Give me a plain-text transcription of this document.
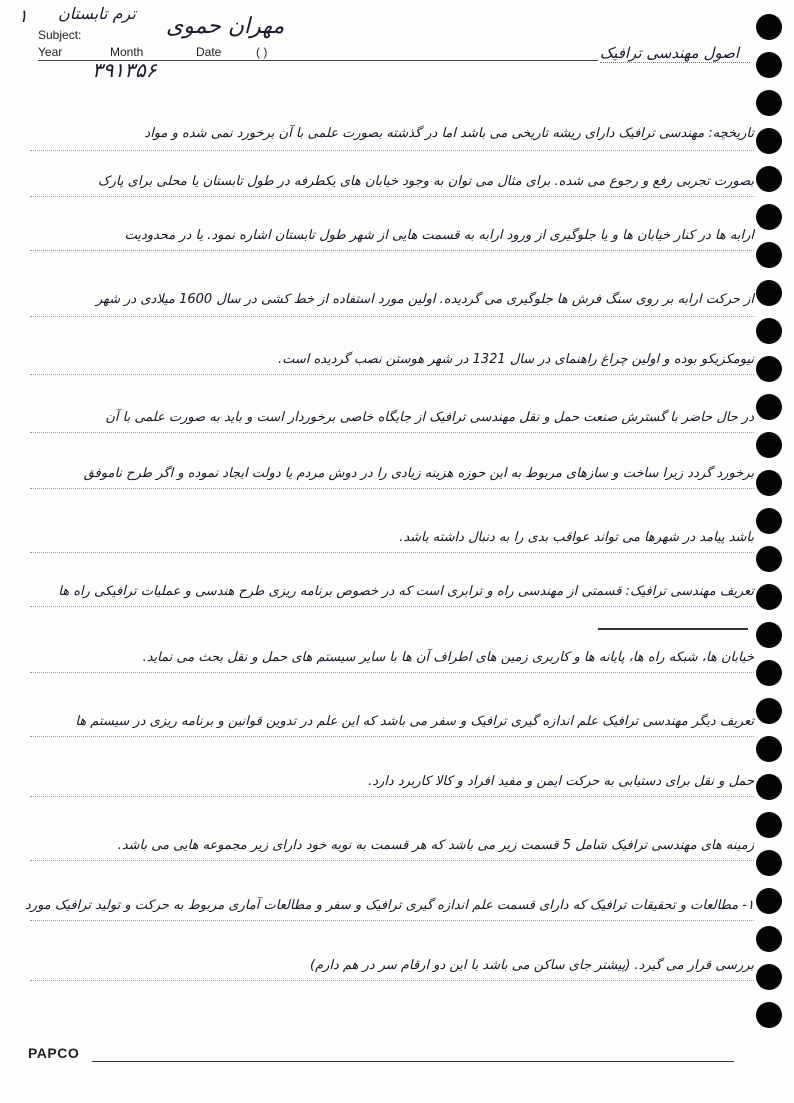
Subject:
Year	Month	Date	( )
ترم تابستان
۱	مهران حموی
۳۹۱۳۵۶
اصول مهندسی ترافیک
تاریخچه: مهندسی ترافیک دارای ریشه تاریخی می باشد اما در گذشته بصورت علمی با آن برخورد نمی شده و مواد
بصورت تجربی رفع و رجوع می شده. برای مثال می توان به وجود خیابان های یکطرفه در طول تابستان یا محلی برای پارک
ارابه ها در کنار خیابان ها و یا جلوگیری از ورود ارابه به قسمت هایی از شهر طول تابستان اشاره نمود. یا در محدودیت
از حرکت ارابه بر روی سنگ فرش ها جلوگیری می گردیده. اولین مورد استفاده از خط کشی در سال 1600 میلادی در شهر
نیومکزیکو بوده و اولین چراغ راهنمای در سال 1321 در شهر هوستن نصب گردیده است.
در حال حاضر با گسترش صنعت حمل و نقل مهندسی ترافیک از جایگاه خاصی برخوردار است و باید به صورت علمی با آن
برخورد گردد زیرا ساخت و سازهای مربوط به این حوزه هزینه زیادی را در دوش مردم یا دولت ایجاد نموده و اگر طرح ناموفق
باشد پیامد در شهرها می تواند عواقب بدی را به دنبال داشته باشد.
تعریف مهندسی ترافیک: قسمتی از مهندسی راه و ترابری است که در خصوص برنامه ریزی طرح هندسی و عملیات ترافیکی راه ها
خیابان ها، شبکه راه ها، پایانه ها و کاربری زمین های اطراف آن ها با سایر سیستم های حمل و نقل بحث می نماید.
تعریف دیگر مهندسی ترافیک علم اندازه گیری ترافیک و سفر می باشد که این علم در تدوین قوانین و برنامه ریزی در سیستم ها
حمل و نقل برای دستیابی به حرکت ایمن و مفید افراد و کالا کاربرد دارد.
زمینه های مهندسی ترافیک شامل 5 قسمت زیر می باشد که هر قسمت به نوبه خود دارای زیر مجموعه هایی می باشد.
۱- مطالعات و تحقیقات ترافیک که دارای قسمت علم اندازه گیری ترافیک و سفر و مطالعات آماری مربوط به حرکت و تولید ترافیک مورد
بررسی قرار می گیرد. (پیشتر جای ساکن می باشد با این دو ارقام سر در هم دارم)
PAPCO
